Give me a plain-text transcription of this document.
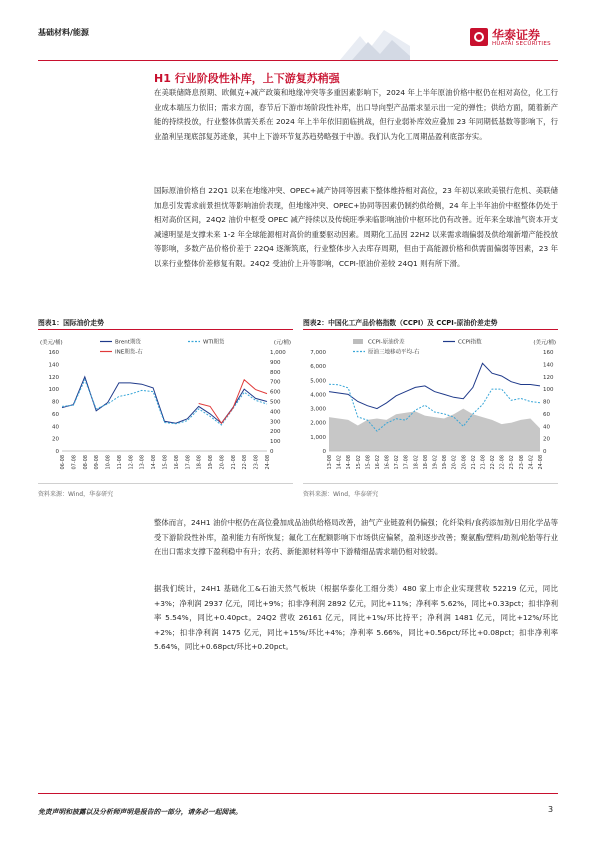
基础材料/能源	华泰证券
HUATAI SECURITIES
H1 行业阶段性补库，上下游复苏稍强
在美联储降息预期、欧佩克+减产政策和地缘冲突等多重因素影响下，2024 年上半年原油价格中枢仍在相对高位，化工行业成本端压力依旧；需求方面，春节后下游市场阶段性补库，出口导向型产品需求显示出一定的弹性；供给方面，随着新产能的持续投放，行业整体供需关系在 2024 年上半年依旧面临挑战，但行业弱补库效应叠加 23 年同期低基数等影响下，行业盈利呈现底部复苏迹象，其中上下游环节复苏趋势略强于中游。我们认为化工周期品盈利底部夯实。
国际原油价格自 22Q1 以来在地缘冲突、OPEC+减产协同等因素下整体维持相对高位，23 年初以来欧美银行危机、美联储加息引发需求前景担忧等影响油价表现，但地缘冲突、OPEC+协同等因素仍制约供给侧，24 年上半年油价中枢整体仍处于相对高价区间，24Q2 油价中枢受 OPEC 减产持续以及传统旺季来临影响油价中枢环比仍有改善。近年来全球油气资本开支减速明显是支撑未来 1-2 年全球能源相对高价的重要驱动因素。周期化工品因 22H2 以来需求端偏弱及供给端新增产能投放等影响，多数产品价格价差于 22Q4 逐渐筑底，行业整体步入去库存周期，但由于高能源价格和供需面偏弱等因素，23 年以来行业整体价差修复有限。24Q2 受油价上升等影响，CCPI-原油价差较 24Q1 则有所下滑。
图表1：国际油价走势
(美元/桶)	(元/桶)
0
20
40
60
80
100
120
140
160
0
100
200
300
400
500
600
700
800
900
1,000
06-08 07-08 08-08 09-08 10-08 11-08 12-08 13-08 14-08 15-08 16-08 17-08 18-08 19-08 20-08 21-08 22-08 23-08 24-08
Brent期货	WTI期货
INE期货-右
资料来源：Wind，华泰研究
图表2：中国化工产品价格指数（CCPI）及 CCPI-原油价差走势
(美元/桶)
0
1,000
2,000
3,000
4,000
5,000
6,000
7,000
0
20
40
60
80
100
120
140
160
13-08 14-02 14-08 15-02 15-08 16-02 16-08 17-02 17-08 18-02 18-08 19-02 19-08 20-02 20-08 21-02 21-08 22-02 22-08 23-02 23-08 24-02 24-08
CCPI-原油价差	CCPI指数
原油三地移动平均-右
资料来源：Wind，华泰研究
整体而言，24H1 油价中枢仍在高位叠加成品油供给格局改善，油气产业链盈利仍偏强；化纤染料/食药添加剂/日用化学品等受下游阶段性补库，盈利能力有所恢复；氟化工在配额影响下市场供应偏紧，盈利逐步改善；聚氨酯/塑料/助剂/轮胎等行业在出口需求支撑下盈利稳中有升；农药、新能源材料等中下游精细品需求端仍相对较弱。
据我们统计，24H1 基础化工&石油天然气板块（根据华泰化工细分类）480 家上市企业实现营收 52219 亿元，同比+3%；净利润 2937 亿元，同比+9%；扣非净利润 2892 亿元，同比+11%；净利率 5.62%，同比+0.33pct；扣非净利率 5.54%，同比+0.40pct。24Q2 营收 26161 亿元，同比+1%/环比持平；净利润 1481 亿元，同比+12%/环比+2%；扣非净利润 1475 亿元，同比+15%/环比+4%；净利率 5.66%，同比+0.56pct/环比+0.08pct；扣非净利率 5.64%，同比+0.68pct/环比+0.20pct。
免责声明和披露以及分析师声明是报告的一部分，请务必一起阅读。	3
